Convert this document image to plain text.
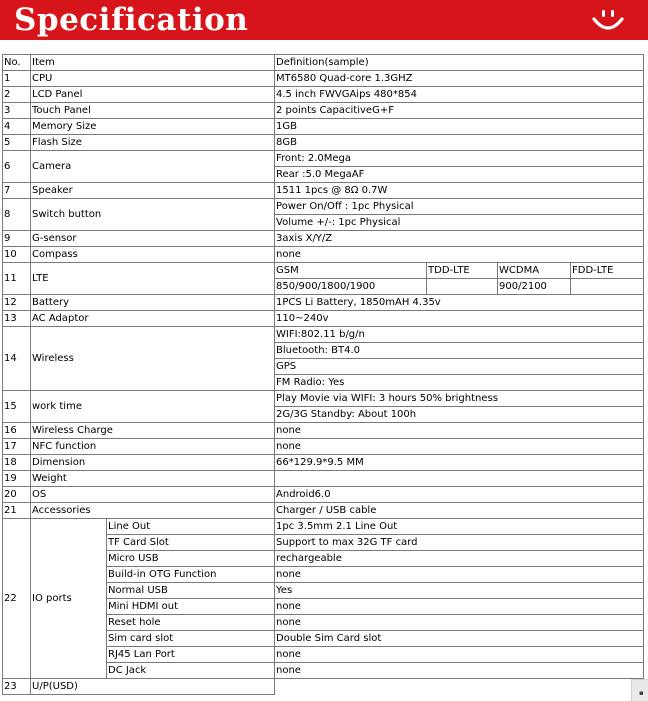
Specification
No.	Item		Definition(sample)			
1	CPU		MT6580 Quad-core 1.3GHZ			
2	LCD Panel		4.5 inch FWVGAips 480*854			
3	Touch Panel		2 points CapacitiveG+F			
4	Memory Size		1GB			
5	Flash Size		8GB			
6	Camera		Front: 2.0Mega			
			Rear :5.0 MegaAF			
7	Speaker		1511 1pcs @ 8Ω 0.7W			
8	Switch button		Power On/Off : 1pc Physical			
			Volume +/-: 1pc Physical			
9	G-sensor		3axis X/Y/Z			
10	Compass		none			
11	LTE		GSM	TDD-LTE	WCDMA	FDD-LTE
			850/900/1800/1900		900/2100	
12	Battery		1PCS Li Battery, 1850mAH 4.35v			
13	AC Adaptor		110~240v			
14	Wireless		WIFI:802.11 b/g/n			
			Bluetooth: BT4.0			
			GPS			
			FM Radio: Yes			
15	work time		Play Movie via WIFI: 3 hours 50% brightness			
			2G/3G Standby: About 100h			
16	Wireless Charge		none			
17	NFC function		none			
18	Dimension		66*129.9*9.5 MM			
19	Weight					
20	OS		Android6.0			
21	Accessories		Charger / USB cable			
22	IO ports	Line Out	1pc 3.5mm 2.1 Line Out			
		TF Card Slot	Support to max 32G TF card			
		Micro USB	rechargeable			
		Build-in OTG Function	none			
		Normal USB	Yes			
		Mini HDMI out	none			
		Reset hole	none			
		Sim card slot	Double Sim Card slot			
		RJ45 Lan Port	none			
		DC Jack	none			
23	U/P(USD)					
▪
